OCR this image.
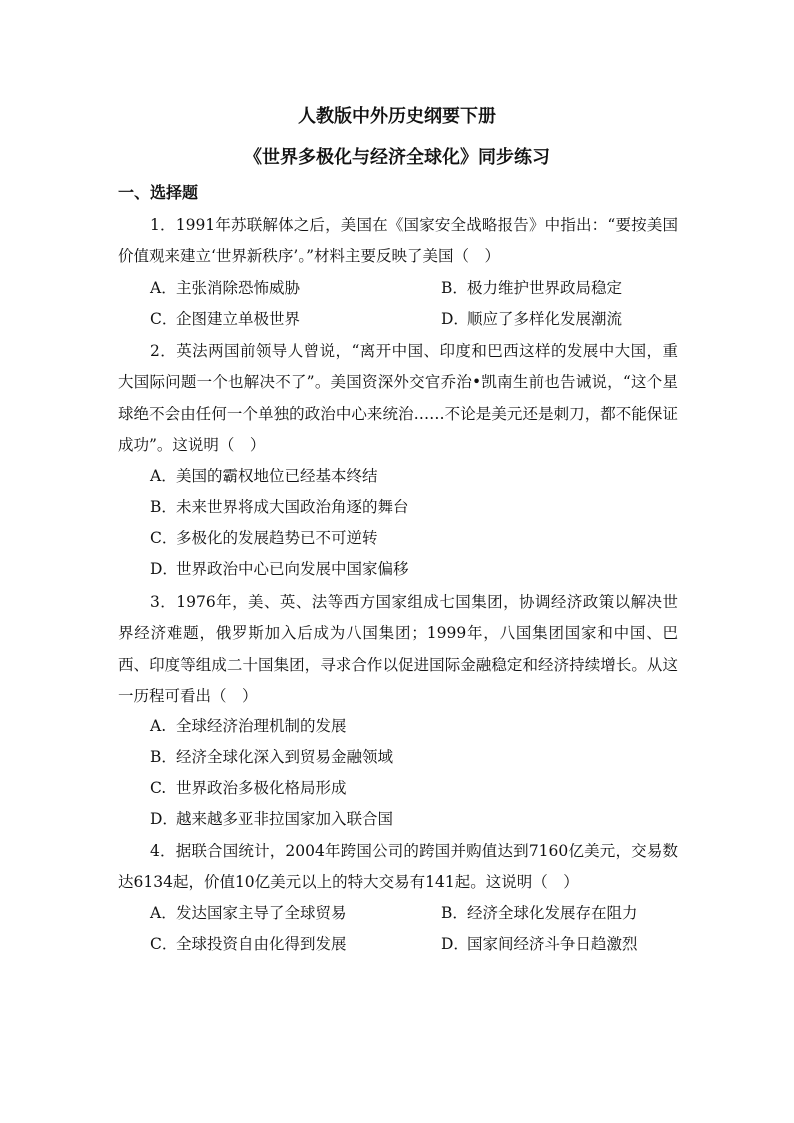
人教版中外历史纲要下册
《世界多极化与经济全球化》同步练习
一、选择题
1．1991年苏联解体之后，美国在《国家安全战略报告》中指出：“要按美国价值观来建立‘世界新秩序’。”材料主要反映了美国（　）
A．主张消除恐怖威胁	B．极力维护世界政局稳定
C．企图建立单极世界	D．顺应了多样化发展潮流
2．英法两国前领导人曾说，“离开中国、印度和巴西这样的发展中大国，重大国际问题一个也解决不了”。美国资深外交官乔治•凯南生前也告诫说，“这个星球绝不会由任何一个单独的政治中心来统治……不论是美元还是刺刀，都不能保证成功”。这说明（　）
A．美国的霸权地位已经基本终结
B．未来世界将成大国政治角逐的舞台
C．多极化的发展趋势已不可逆转
D．世界政治中心已向发展中国家偏移
3．1976年，美、英、法等西方国家组成七国集团，协调经济政策以解决世界经济难题，俄罗斯加入后成为八国集团；1999年，八国集团国家和中国、巴西、印度等组成二十国集团，寻求合作以促进国际金融稳定和经济持续增长。从这一历程可看出（　）
A. 全球经济治理机制的发展
B．经济全球化深入到贸易金融领域
C. 世界政治多极化格局形成
D．越来越多亚非拉国家加入联合国
4．据联合国统计，2004年跨国公司的跨国并购值达到7160亿美元，交易数达6134起，价值10亿美元以上的特大交易有141起。这说明（　）
A．发达国家主导了全球贸易	B．经济全球化发展存在阻力
C．全球投资自由化得到发展	D．国家间经济斗争日趋激烈
